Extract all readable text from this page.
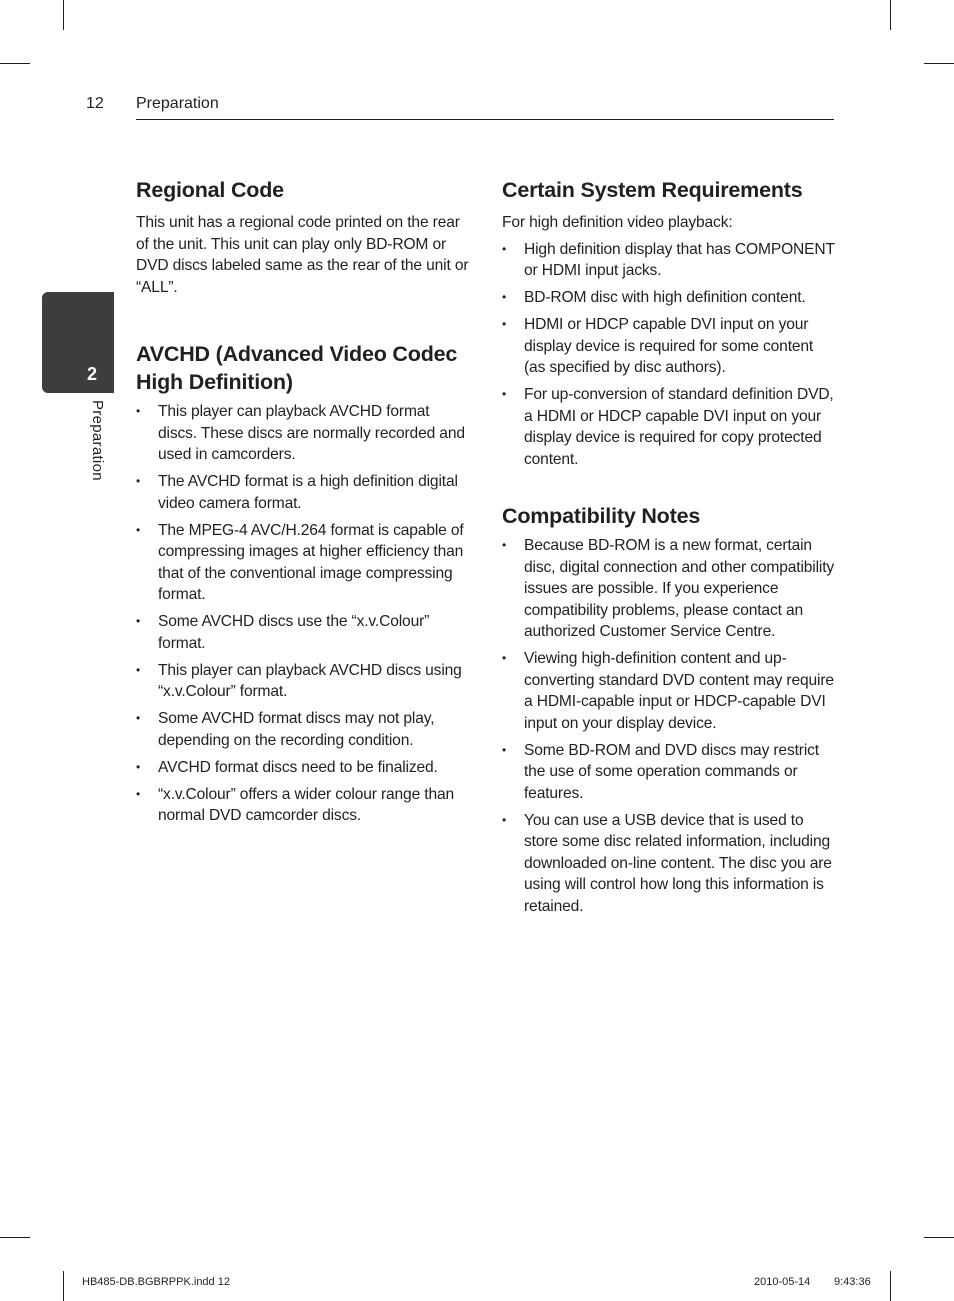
12 Preparation
2
Preparation
Regional Code

This unit has a regional code printed on the rear of the unit. This unit can play only BD-ROM or DVD discs labeled same as the rear of the unit or “ALL”.

AVCHD (Advanced Video Codec High Definition)
• This player can playback AVCHD format discs. These discs are normally recorded and used in camcorders.
• The AVCHD format is a high definition digital video camera format.
• The MPEG-4 AVC/H.264 format is capable of compressing images at higher efficiency than that of the conventional image compressing format.
• Some AVCHD discs use the “x.v.Colour” format.
• This player can playback AVCHD discs using “x.v.Colour” format.
• Some AVCHD format discs may not play, depending on the recording condition.
• AVCHD format discs need to be finalized.
• “x.v.Colour” offers a wider colour range than normal DVD camcorder discs.
Certain System Requirements

For high definition video playback:

• High definition display that has COMPONENT or HDMI input jacks.
• BD-ROM disc with high definition content.
• HDMI or HDCP capable DVI input on your display device is required for some content (as specified by disc authors).
• For up-conversion of standard definition DVD, a HDMI or HDCP capable DVI input on your display device is required for copy protected content.
Compatibility Notes
• Because BD-ROM is a new format, certain disc, digital connection and other compatibility issues are possible. If you experience compatibility problems, please contact an authorized Customer Service Centre.
• Viewing high-definition content and up-converting standard DVD content may require a HDMI-capable input or HDCP-capable DVI input on your display device.
• Some BD-ROM and DVD discs may restrict the use of some operation commands or features.
• You can use a USB device that is used to store some disc related information, including downloaded on-line content. The disc you are using will control how long this information is retained.
HB485-DB.BGBRPPK.indd 12	2010-05-14 9:43:36
